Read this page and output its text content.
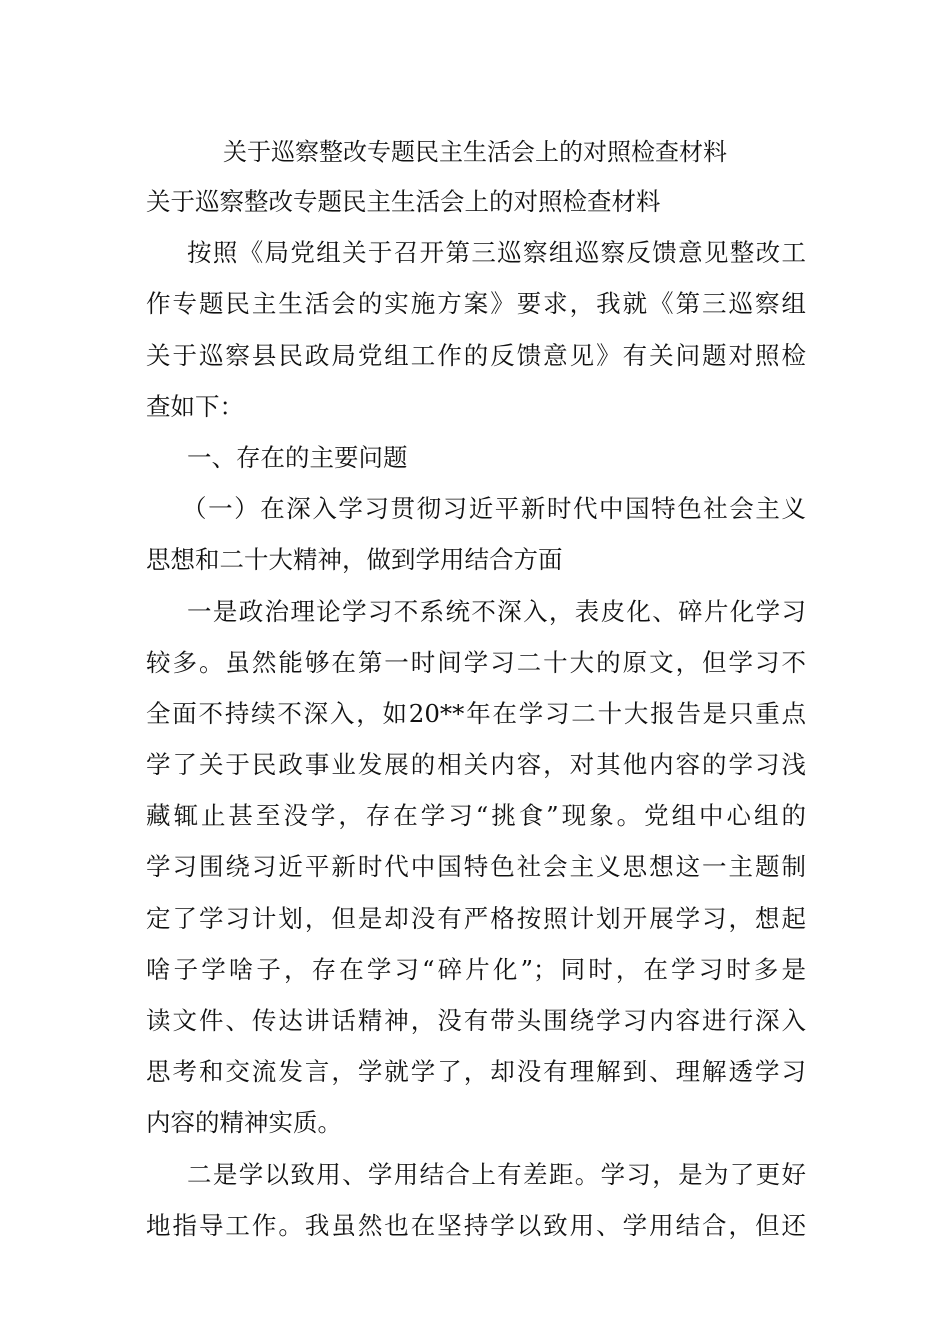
关于巡察整改专题民主生活会上的对照检查材料
关于巡察整改专题民主生活会上的对照检查材料
按照《局党组关于召开第三巡察组巡察反馈意见整改工
作专题民主生活会的实施方案》要求，我就《第三巡察组
关于巡察县民政局党组工作的反馈意见》有关问题对照检
查如下：
一、存在的主要问题
（一）在深入学习贯彻习近平新时代中国特色社会主义
思想和二十大精神，做到学用结合方面
一是政治理论学习不系统不深入，表皮化、碎片化学习
较多。虽然能够在第一时间学习二十大的原文，但学习不
全面不持续不深入，如20**年在学习二十大报告是只重点
学了关于民政事业发展的相关内容，对其他内容的学习浅
藏辄止甚至没学，存在学习“挑食”现象。党组中心组的
学习围绕习近平新时代中国特色社会主义思想这一主题制
定了学习计划，但是却没有严格按照计划开展学习，想起
啥子学啥子，存在学习“碎片化”；同时，在学习时多是
读文件、传达讲话精神，没有带头围绕学习内容进行深入
思考和交流发言，学就学了，却没有理解到、理解透学习
内容的精神实质。
二是学以致用、学用结合上有差距。学习，是为了更好
地指导工作。我虽然也在坚持学以致用、学用结合，但还
